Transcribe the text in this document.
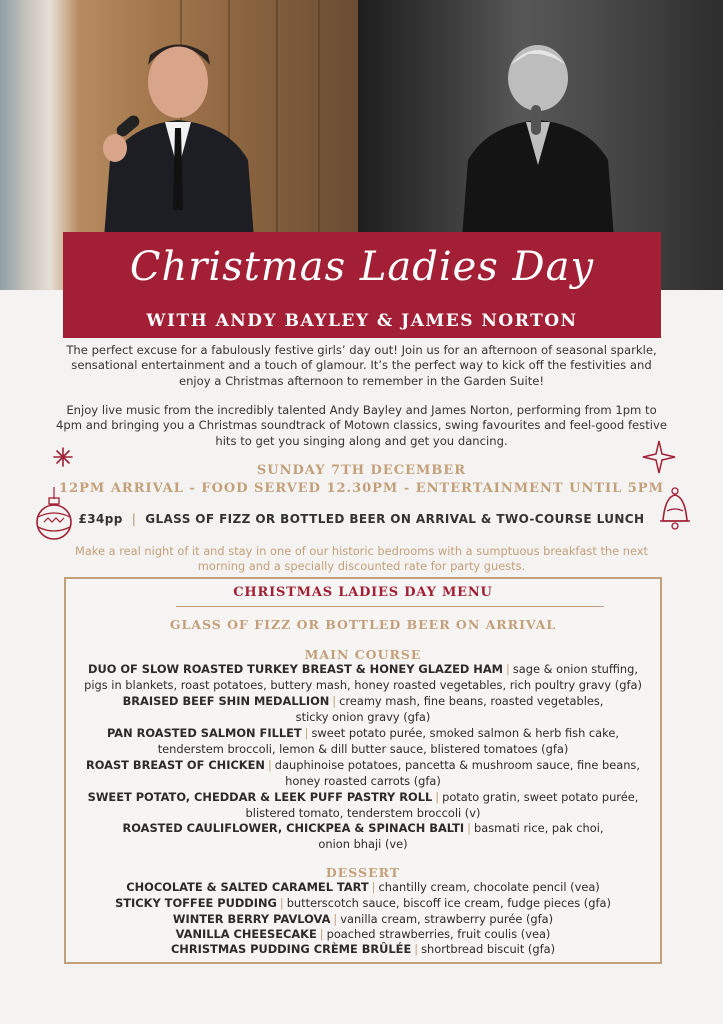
Christmas Ladies Day
WITH ANDY BAYLEY & JAMES NORTON

The perfect excuse for a fabulously festive girls’ day out! Join us for an afternoon of seasonal sparkle, sensational entertainment and a touch of glamour. It’s the perfect way to kick off the festivities and enjoy a Christmas afternoon to remember in the Garden Suite!

Enjoy live music from the incredibly talented Andy Bayley and James Norton, performing from 1pm to 4pm and bringing you a Christmas soundtrack of Motown classics, swing favourites and feel-good festive hits to get you singing along and get you dancing.

SUNDAY 7TH DECEMBER
12PM ARRIVAL - FOOD SERVED 12.30PM - ENTERTAINMENT UNTIL 5PM
£34pp | GLASS OF FIZZ OR BOTTLED BEER ON ARRIVAL & TWO-COURSE LUNCH

Make a real night of it and stay in one of our historic bedrooms with a sumptuous breakfast the next morning and a specially discounted rate for party guests.

CHRISTMAS LADIES DAY MENU
GLASS OF FIZZ OR BOTTLED BEER ON ARRIVAL
MAIN COURSE

DUO OF SLOW ROASTED TURKEY BREAST & HONEY GLAZED HAM | sage & onion stuffing,
pigs in blankets, roast potatoes, buttery mash, honey roasted vegetables, rich poultry gravy (gfa)

BRAISED BEEF SHIN MEDALLION | creamy mash, fine beans, roasted vegetables,
sticky onion gravy (gfa)

PAN ROASTED SALMON FILLET | sweet potato purée, smoked salmon & herb fish cake,
tenderstem broccoli, lemon & dill butter sauce, blistered tomatoes (gfa)

ROAST BREAST OF CHICKEN | dauphinoise potatoes, pancetta & mushroom sauce, fine beans,
honey roasted carrots (gfa)

SWEET POTATO, CHEDDAR & LEEK PUFF PASTRY ROLL | potato gratin, sweet potato purée,
blistered tomato, tenderstem broccoli (v)

ROASTED CAULIFLOWER, CHICKPEA & SPINACH BALTI | basmati rice, pak choi,
onion bhaji (ve)

DESSERT

CHOCOLATE & SALTED CARAMEL TART | chantilly cream, chocolate pencil (vea)

STICKY TOFFEE PUDDING | butterscotch sauce, biscoff ice cream, fudge pieces (gfa)

WINTER BERRY PAVLOVA | vanilla cream, strawberry purée (gfa)

VANILLA CHEESECAKE | poached strawberries, fruit coulis (vea)

CHRISTMAS PUDDING CRÈME BRÛLÉE | shortbread biscuit (gfa)
